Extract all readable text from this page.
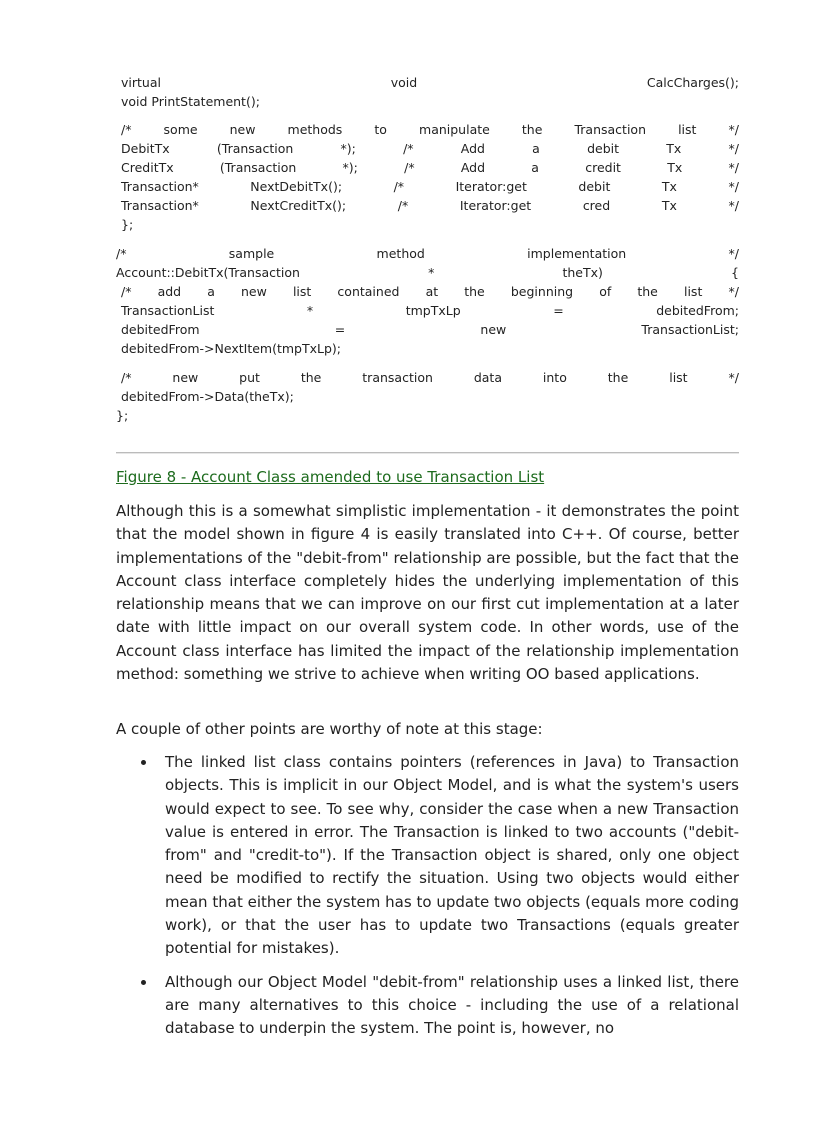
virtual	void	CalcCharges();
void PrintStatement();
/*	some	new	methods	to	manipulate	the	Transaction	list	*/
DebitTx	(Transaction	*);	/*	Add	a	debit	Tx	*/
CreditTx	(Transaction	*);	/*	Add	a	credit	Tx	*/
Transaction*	NextDebitTx();	/*	Iterator:get	debit	Tx	*/
Transaction*	NextCreditTx();	/*	Iterator:get	cred	Tx	*/
};
/*	sample	method	implementation	*/
Account::DebitTx(Transaction	*	theTx)	{
/* add a new list contained at the beginning of the list */
TransactionList	*	tmpTxLp	=	debitedFrom;
debitedFrom	=	new	TransactionList;
debitedFrom->NextItem(tmpTxLp);
/*	new	put	the	transaction	data	into	the	list	*/
debitedFrom->Data(theTx);
};
Figure 8 - Account Class amended to use Transaction List

Although this is a somewhat simplistic implementation - it demonstrates the point that the model shown in figure 4 is easily translated into C++. Of course, better implementations of the "debit-from" relationship are possible, but the fact that the Account class interface completely hides the underlying implementation of this relationship means that we can improve on our first cut implementation at a later date with little impact on our overall system code. In other words, use of the Account class interface has limited the impact of the relationship implementation method: something we strive to achieve when writing OO based applications.

A couple of other points are worthy of note at this stage:

The linked list class contains pointers (references in Java) to Transaction objects. This is implicit in our Object Model, and is what the system's users would expect to see. To see why, consider the case when a new Transaction value is entered in error. The Transaction is linked to two accounts ("debit-from" and "credit-to"). If the Transaction object is shared, only one object need be modified to rectify the situation. Using two objects would either mean that either the system has to update two objects (equals more coding work), or that the user has to update two Transactions (equals greater potential for mistakes).
Although our Object Model "debit-from" relationship uses a linked list, there are many alternatives to this choice - including the use of a relational database to underpin the system. The point is, however, no
